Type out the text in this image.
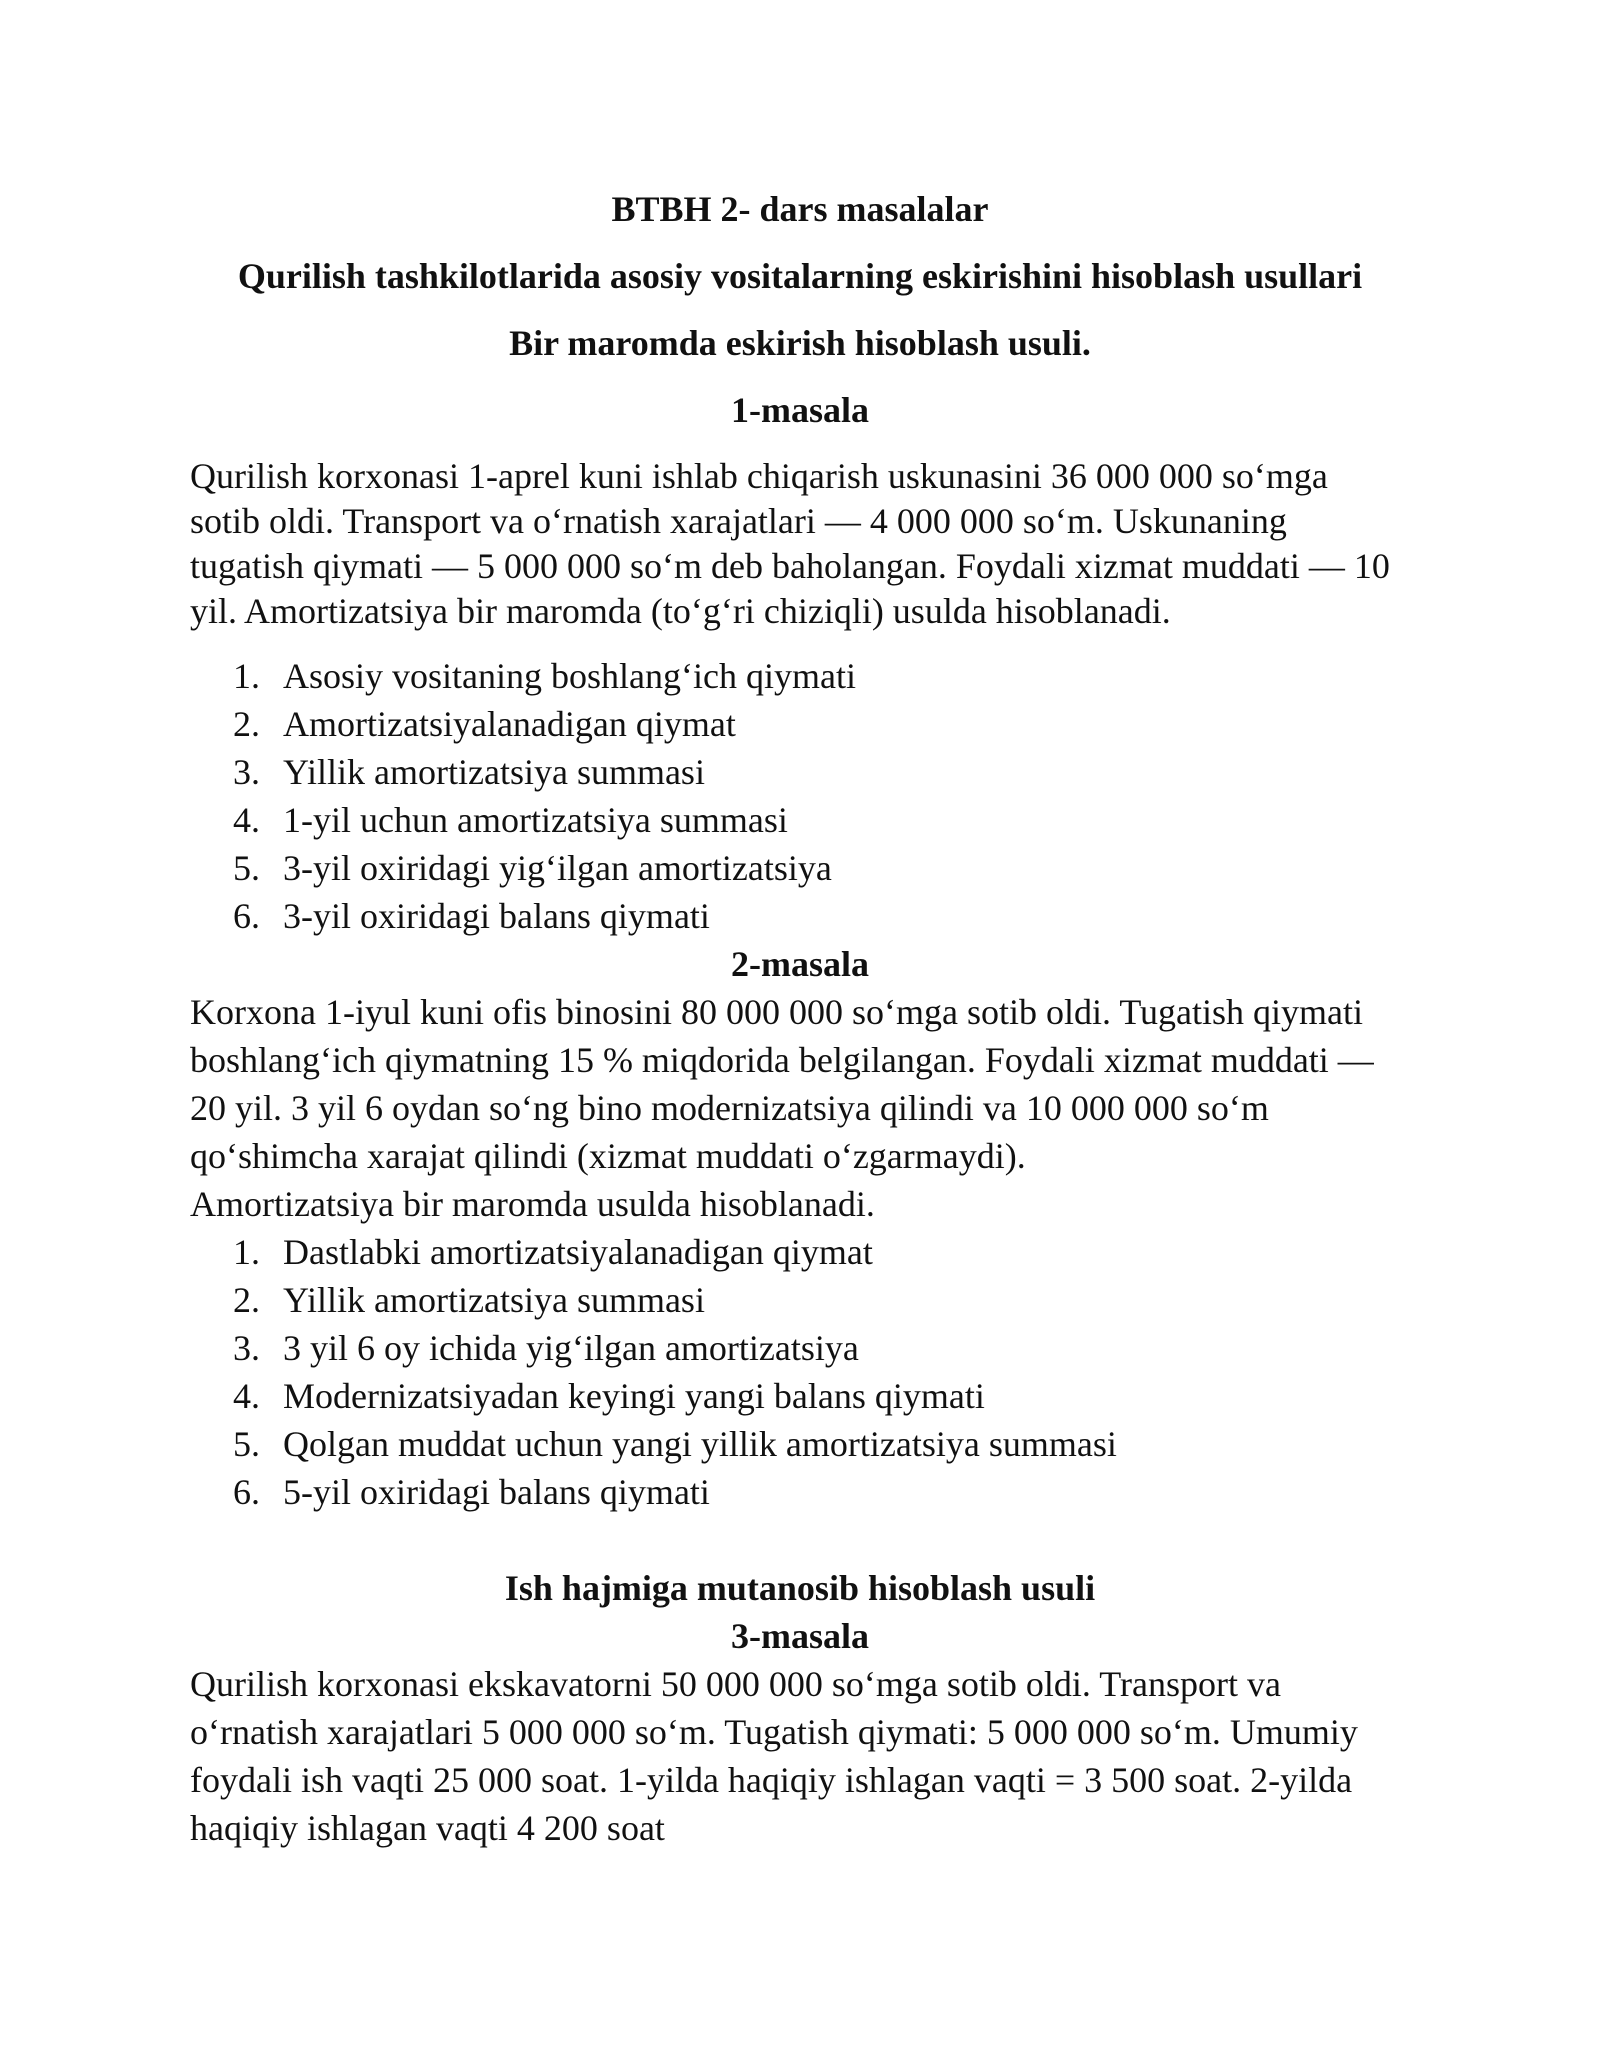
BTBH 2- dars masalalar
Qurilish tashkilotlarida asosiy vositalarning eskirishini hisoblash usullari
Bir maromda eskirish hisoblash usuli.
1-masala
Qurilish korxonasi 1-aprel kuni ishlab chiqarish uskunasini 36 000 000 so‘mga
sotib oldi. Transport va o‘rnatish xarajatlari — 4 000 000 so‘m. Uskunaning
tugatish qiymati — 5 000 000 so‘m deb baholangan. Foydali xizmat muddati — 10
yil. Amortizatsiya bir maromda (to‘g‘ri chiziqli) usulda hisoblanadi.
1. Asosiy vositaning boshlang‘ich qiymati
2. Amortizatsiyalanadigan qiymat
3. Yillik amortizatsiya summasi
4. 1-yil uchun amortizatsiya summasi
5. 3-yil oxiridagi yig‘ilgan amortizatsiya
6. 3-yil oxiridagi balans qiymati
2-masala
Korxona 1-iyul kuni ofis binosini 80 000 000 so‘mga sotib oldi. Tugatish qiymati
boshlang‘ich qiymatning 15 % miqdorida belgilangan. Foydali xizmat muddati —
20 yil. 3 yil 6 oydan so‘ng bino modernizatsiya qilindi va 10 000 000 so‘m
qo‘shimcha xarajat qilindi (xizmat muddati o‘zgarmaydi).
Amortizatsiya bir maromda usulda hisoblanadi.
1. Dastlabki amortizatsiyalanadigan qiymat
2. Yillik amortizatsiya summasi
3. 3 yil 6 oy ichida yig‘ilgan amortizatsiya
4. Modernizatsiyadan keyingi yangi balans qiymati
5. Qolgan muddat uchun yangi yillik amortizatsiya summasi
6. 5-yil oxiridagi balans qiymati
Ish hajmiga mutanosib hisoblash usuli
3-masala
Qurilish korxonasi ekskavatorni 50 000 000 so‘mga sotib oldi. Transport va
o‘rnatish xarajatlari 5 000 000 so‘m. Tugatish qiymati: 5 000 000 so‘m. Umumiy
foydali ish vaqti 25 000 soat. 1-yilda haqiqiy ishlagan vaqti = 3 500 soat. 2-yilda
haqiqiy ishlagan vaqti 4 200 soat
